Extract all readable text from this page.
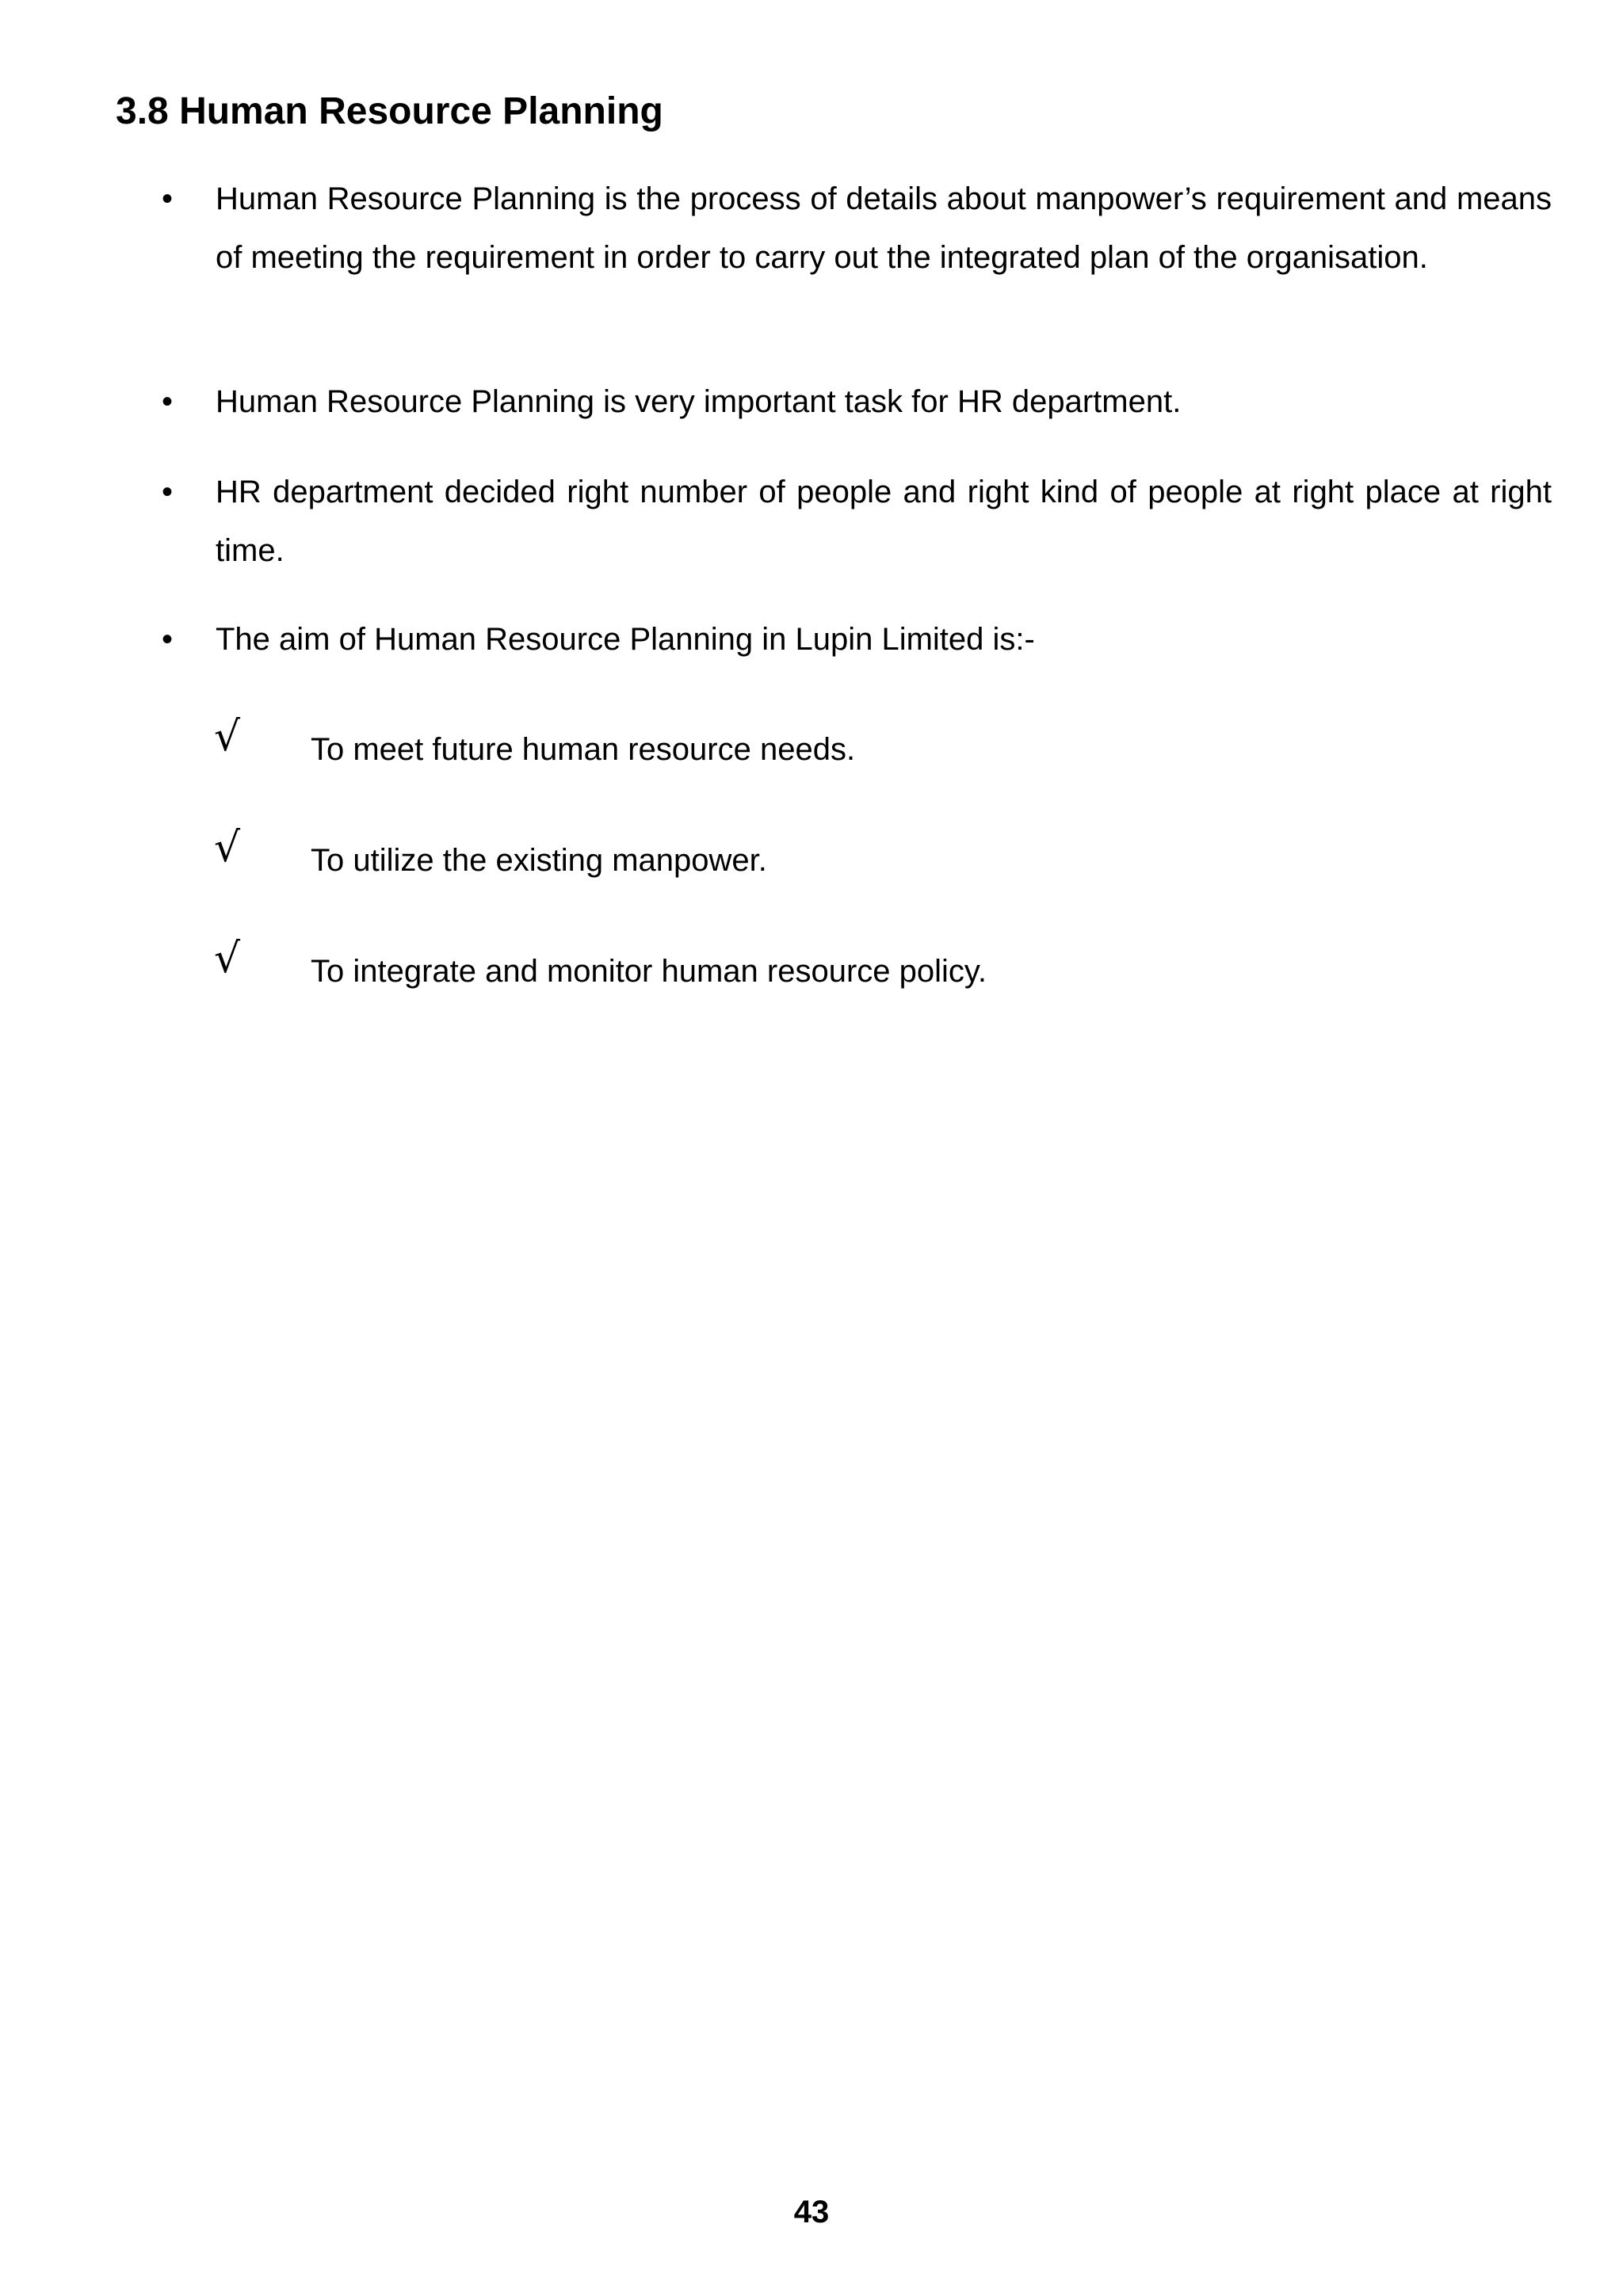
3.8 Human Resource Planning
•	Human Resource Planning is the process of details about manpower’s requirement and means of meeting the requirement in order to carry out the integrated plan of the organisation.
•	Human Resource Planning is very important task for HR department.
•	HR department decided right number of people and right kind of people at right place at right time.
•	The aim of Human Resource Planning in Lupin Limited is:-
√ To meet future human resource needs.
√ To utilize the existing manpower.
√ To integrate and monitor human resource policy.
43
